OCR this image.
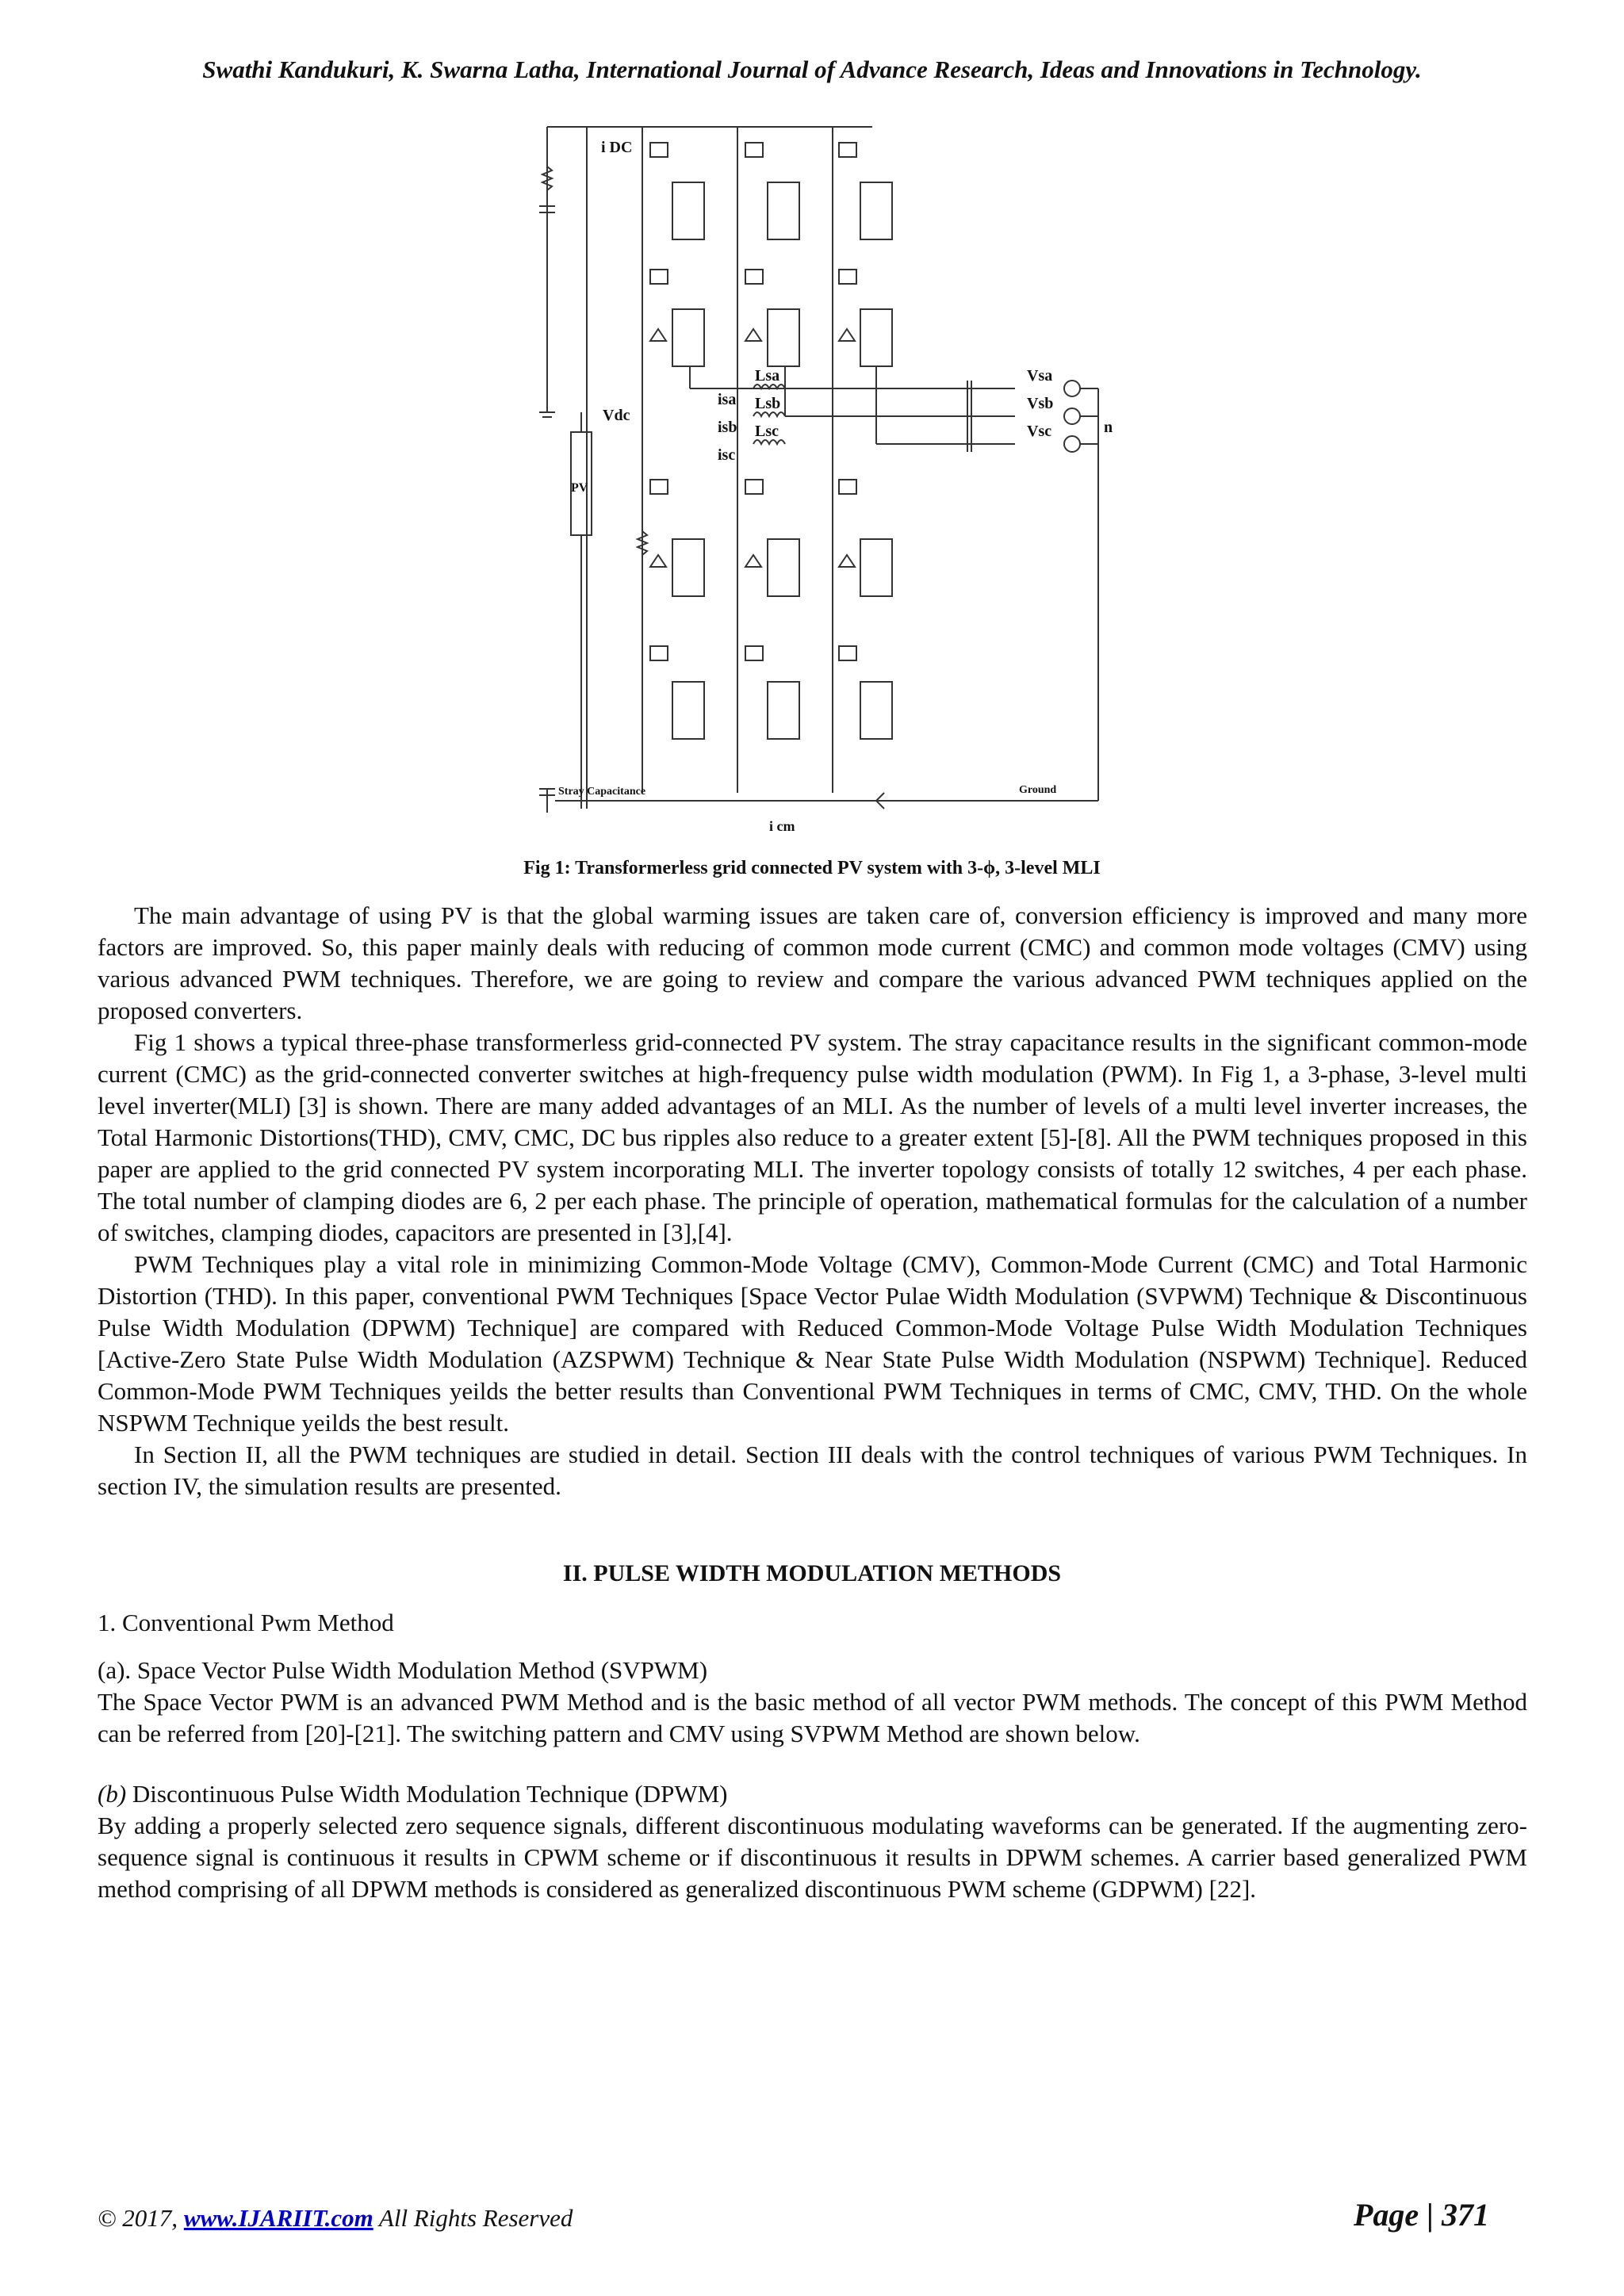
Swathi Kandukuri, K. Swarna Latha, International Journal of Advance Research, Ideas and Innovations in Technology.
i DC
Vdc
PV
isa
isb
isc
Lsa
Lsb
Lsc
Vsa
Vsb
Vsc	n
Stray Capacitance	Ground
i cm
Fig 1: Transformerless grid connected PV system with 3-ϕ, 3-level MLI

The main advantage of using PV is that the global warming issues are taken care of, conversion efficiency is improved and many more factors are improved. So, this paper mainly deals with reducing of common mode current (CMC) and common mode voltages (CMV) using various advanced PWM techniques. Therefore, we are going to review and compare the various advanced PWM techniques applied on the proposed converters.

Fig 1 shows a typical three-phase transformerless grid-connected PV system. The stray capacitance results in the significant common-mode current (CMC) as the grid-connected converter switches at high-frequency pulse width modulation (PWM). In Fig 1, a 3-phase, 3-level multi level inverter(MLI) [3] is shown. There are many added advantages of an MLI. As the number of levels of a multi level inverter increases, the Total Harmonic Distortions(THD), CMV, CMC, DC bus ripples also reduce to a greater extent [5]-[8]. All the PWM techniques proposed in this paper are applied to the grid connected PV system incorporating MLI. The inverter topology consists of totally 12 switches, 4 per each phase. The total number of clamping diodes are 6, 2 per each phase. The principle of operation, mathematical formulas for the calculation of a number of switches, clamping diodes, capacitors are presented in [3],[4].

PWM Techniques play a vital role in minimizing Common-Mode Voltage (CMV), Common-Mode Current (CMC) and Total Harmonic Distortion (THD). In this paper, conventional PWM Techniques [Space Vector Pulae Width Modulation (SVPWM) Technique & Discontinuous Pulse Width Modulation (DPWM) Technique] are compared with Reduced Common-Mode Voltage Pulse Width Modulation Techniques [Active-Zero State Pulse Width Modulation (AZSPWM) Technique & Near State Pulse Width Modulation (NSPWM) Technique]. Reduced Common-Mode PWM Techniques yeilds the better results than Conventional PWM Techniques in terms of CMC, CMV, THD. On the whole NSPWM Technique yeilds the best result.

In Section II, all the PWM techniques are studied in detail. Section III deals with the control techniques of various PWM Techniques. In section IV, the simulation results are presented.

II. PULSE WIDTH MODULATION METHODS
1. Conventional Pwm Method

(a). Space Vector Pulse Width Modulation Method (SVPWM)

The Space Vector PWM is an advanced PWM Method and is the basic method of all vector PWM methods. The concept of this PWM Method can be referred from [20]-[21]. The switching pattern and CMV using SVPWM Method are shown below.

(b) Discontinuous Pulse Width Modulation Technique (DPWM)

By adding a properly selected zero sequence signals, different discontinuous modulating waveforms can be generated. If the augmenting zero-sequence signal is continuous it results in CPWM scheme or if discontinuous it results in DPWM schemes. A carrier based generalized PWM method comprising of all DPWM methods is considered as generalized discontinuous PWM scheme (GDPWM) [22].

© 2017, www.IJARIIT.com All Rights Reserved	Page | 371
